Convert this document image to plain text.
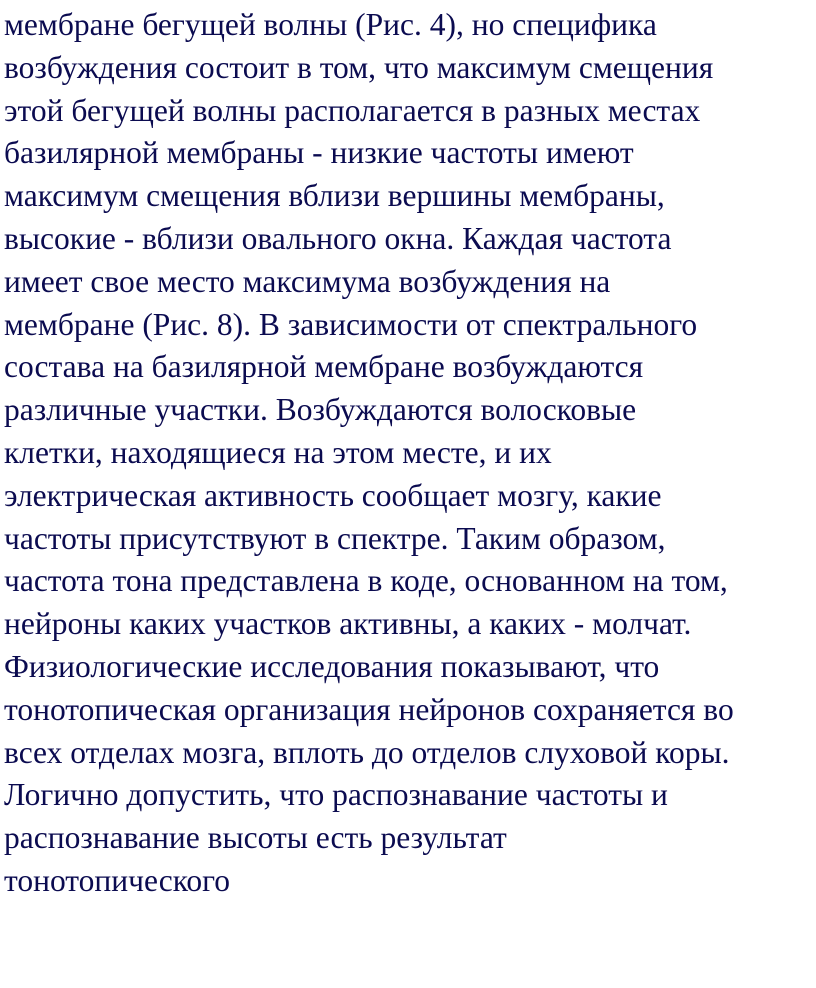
мембране бегущей волны (Рис. 4), но специфика
возбуждения состоит в том, что максимум смещения
этой бегущей волны располагается в разных местах
базилярной мембраны - низкие частоты имеют
максимум смещения вблизи вершины мембраны,
высокие - вблизи овального окна. Каждая частота
имеет свое место максимума возбуждения на
мембране (Рис. 8). В зависимости от спектрального
состава на базилярной мембране возбуждаются
различные участки. Возбуждаются волосковые
клетки, находящиеся на этом месте, и их
электрическая активность сообщает мозгу, какие
частоты присутствуют в спектре. Таким образом,
частота тона представлена в коде, основанном на том,
нейроны каких участков активны, а каких - молчат.
Физиологические исследования показывают, что
тонотопическая организация нейронов сохраняется во
всех отделах мозга, вплоть до отделов слуховой коры.
Логично допустить, что распознавание частоты и
распознавание высоты есть результат
тонотопического
